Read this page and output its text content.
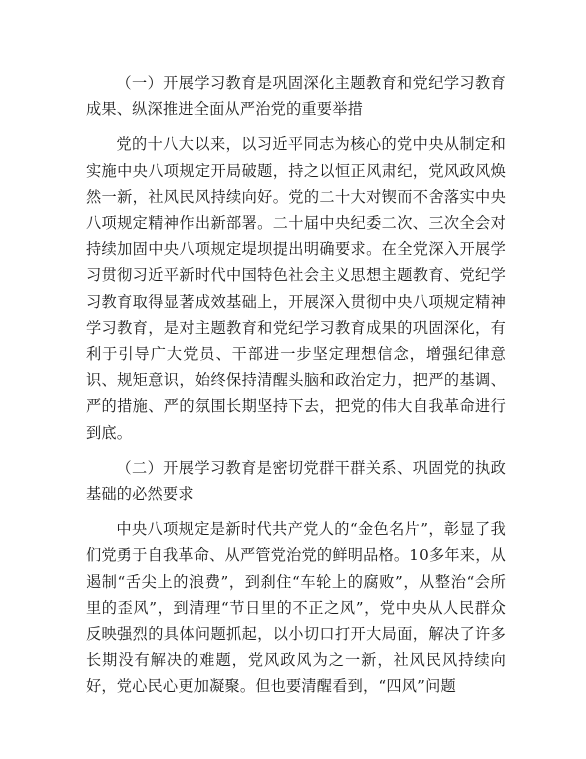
（一）开展学习教育是巩固深化主题教育和党纪学习教育成果、纵深推进全面从严治党的重要举措

党的十八大以来，以习近平同志为核心的党中央从制定和实施中央八项规定开局破题，持之以恒正风肃纪，党风政风焕然一新，社风民风持续向好。党的二十大对锲而不舍落实中央八项规定精神作出新部署。二十届中央纪委二次、三次全会对持续加固中央八项规定堤坝提出明确要求。在全党深入开展学习贯彻习近平新时代中国特色社会主义思想主题教育、党纪学习教育取得显著成效基础上，开展深入贯彻中央八项规定精神学习教育，是对主题教育和党纪学习教育成果的巩固深化，有利于引导广大党员、干部进一步坚定理想信念，增强纪律意识、规矩意识，始终保持清醒头脑和政治定力，把严的基调、严的措施、严的氛围长期坚持下去，把党的伟大自我革命进行到底。

（二）开展学习教育是密切党群干群关系、巩固党的执政基础的必然要求

中央八项规定是新时代共产党人的“金色名片”，彰显了我们党勇于自我革命、从严管党治党的鲜明品格。10多年来，从遏制“舌尖上的浪费”，到刹住“车轮上的腐败”，从整治“会所里的歪风”，到清理“节日里的不正之风”，党中央从人民群众反映强烈的具体问题抓起，以小切口打开大局面，解决了许多长期没有解决的难题，党风政风为之一新，社风民风持续向好，党心民心更加凝聚。但也要清醒看到，“四风”问题
